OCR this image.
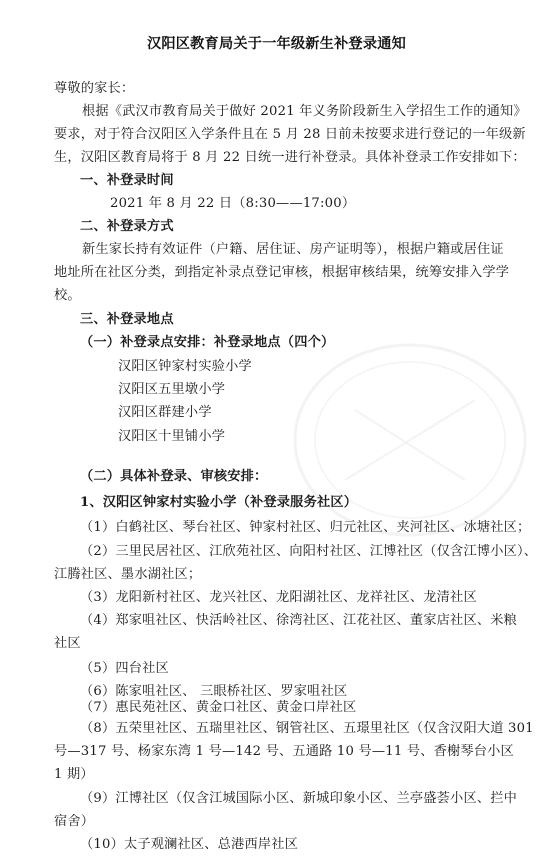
汉阳区教育局关于一年级新生补登录通知
尊敬的家长：
根据《武汉市教育局关于做好 2021 年义务阶段新生入学招生工作的通知》
要求，对于符合汉阳区入学条件且在 5 月 28 日前未按要求进行登记的一年级新
生，汉阳区教育局将于 8 月 22 日统一进行补登录。具体补登录工作安排如下：
一、补登录时间
2021 年 8 月 22 日（8:30——17:00）
二、补登录方式
新生家长持有效证件（户籍、居住证、房产证明等），根据户籍或居住证
地址所在社区分类，到指定补录点登记审核，根据审核结果，统筹安排入学学
校。
三、补登录地点
（一）补登录点安排：补登录地点（四个）
汉阳区钟家村实验小学
汉阳区五里墩小学
汉阳区群建小学
汉阳区十里铺小学
（二）具体补登录、审核安排：
1、汉阳区钟家村实验小学（补登录服务社区）
（1）白鹤社区、琴台社区、钟家村社区、归元社区、夹河社区、冰塘社区；
（2）三里民居社区、江欣苑社区、向阳村社区、江博社区（仅含江博小区）、
江腾社区、墨水湖社区；
（3）龙阳新村社区、龙兴社区、龙阳湖社区、龙祥社区、龙清社区
（4）郑家咀社区、快活岭社区、徐湾社区、江花社区、董家店社区、米粮
社区
（5）四台社区
（6）陈家咀社区、 三眼桥社区、罗家咀社区
（7）惠民苑社区、黄金口社区、黄金口岸社区
（8）五荣里社区、五瑞里社区、钢管社区、五璟里社区（仅含汉阳大道 301
号—317 号、杨家东湾 1 号—142 号、五通路 10 号—11 号、香榭琴台小区
1 期）
（9）江博社区（仅含江城国际小区、新城印象小区、兰亭盛荟小区、拦中
宿舍）
（10）太子观澜社区、总港西岸社区
